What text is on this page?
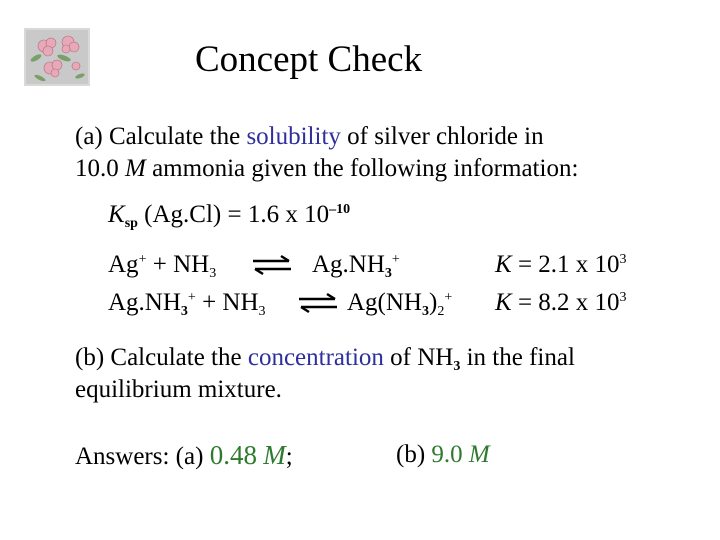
Concept Check
(a) Calculate the solubility of silver chloride in
10.0 M ammonia given the following information:
$K_{sp}$ (Ag.Cl) = 1.6 x $10^{-10}$
$Ag^+ + NH_3$ ⇌ $Ag.NH_3^+$	K = 2.1 x $10^3$
$Ag.NH_3^+ + NH_3$ ⇌ $Ag(NH_3)_2^+$ K = 8.2 x $10^3$
(b) Calculate the concentration of $NH_3$ in the final
equilibrium mixture.
Answers: (a) 0.48 M;	(b) 9.0 M
